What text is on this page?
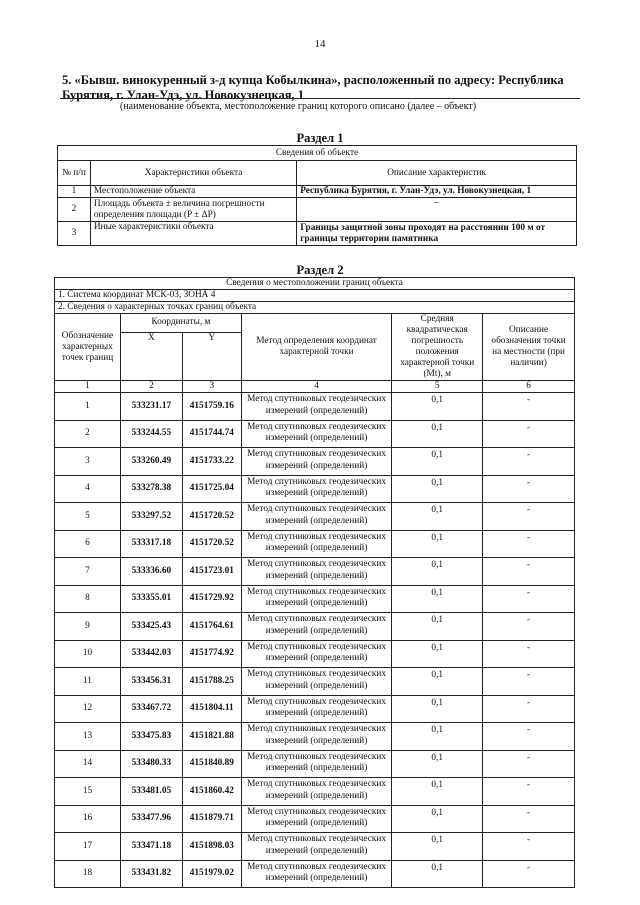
14
5. «Бывш. винокуренный з-д купца Кобылкина», расположенный по адресу: Республика
Бурятия, г. Улан-Удэ, ул. Новокузнецкая, 1
(наименование объекта, местоположение границ которого описано (далее – объект)
Раздел 1
Сведения об объекте		
№ п/п	Характеристики объекта	Описание характеристик
1	Местоположение объекта	Республика Бурятия, г. Улан-Удэ, ул. Новокузнецкая, 1
2	Площадь объекта ± величина погрешности определения площади (P ± ΔP)	–
3	Иные характеристики объекта	Границы защитной зоны проходят на расстоянии 100 м от границы территории памятника
Раздел 2
Сведения о местоположении границ объекта					
1. Система координат МСК-03, ЗОНА 4					
2. Сведения о характерных точках границ объекта					
Обозначение характерных точек границ	Координаты, м		Метод определения координат характерной точки	Средняя квадратическая погрешность положения характерной точки (Mt), м	Описание обозначения точки на местности (при наличии)
	X	Y			
1	2	3	4	5	6
1	533231.17	4151759.16	Метод спутниковых геодезических измерений (определений)	0,1	-
2	533244.55	4151744.74	Метод спутниковых геодезических измерений (определений)	0,1	-
3	533260.49	4151733.22	Метод спутниковых геодезических измерений (определений)	0,1	-
4	533278.38	4151725.04	Метод спутниковых геодезических измерений (определений)	0,1	-
5	533297.52	4151720.52	Метод спутниковых геодезических измерений (определений)	0,1	-
6	533317.18	4151720.52	Метод спутниковых геодезических измерений (определений)	0,1	-
7	533336.60	4151723.01	Метод спутниковых геодезических измерений (определений)	0,1	-
8	533355.01	4151729.92	Метод спутниковых геодезических измерений (определений)	0,1	-
9	533425.43	4151764.61	Метод спутниковых геодезических измерений (определений)	0,1	-
10	533442.03	4151774.92	Метод спутниковых геодезических измерений (определений)	0,1	-
11	533456.31	4151788.25	Метод спутниковых геодезических измерений (определений)	0,1	-
12	533467.72	4151804.11	Метод спутниковых геодезических измерений (определений)	0,1	-
13	533475.83	4151821.88	Метод спутниковых геодезических измерений (определений)	0,1	-
14	533480.33	4151840.89	Метод спутниковых геодезических измерений (определений)	0,1	-
15	533481.05	4151860.42	Метод спутниковых геодезических измерений (определений)	0,1	-
16	533477.96	4151879.71	Метод спутниковых геодезических измерений (определений)	0,1	-
17	533471.18	4151898.03	Метод спутниковых геодезических измерений (определений)	0,1	-
18	533431.82	4151979.02	Метод спутниковых геодезических измерений (определений)	0,1	-
